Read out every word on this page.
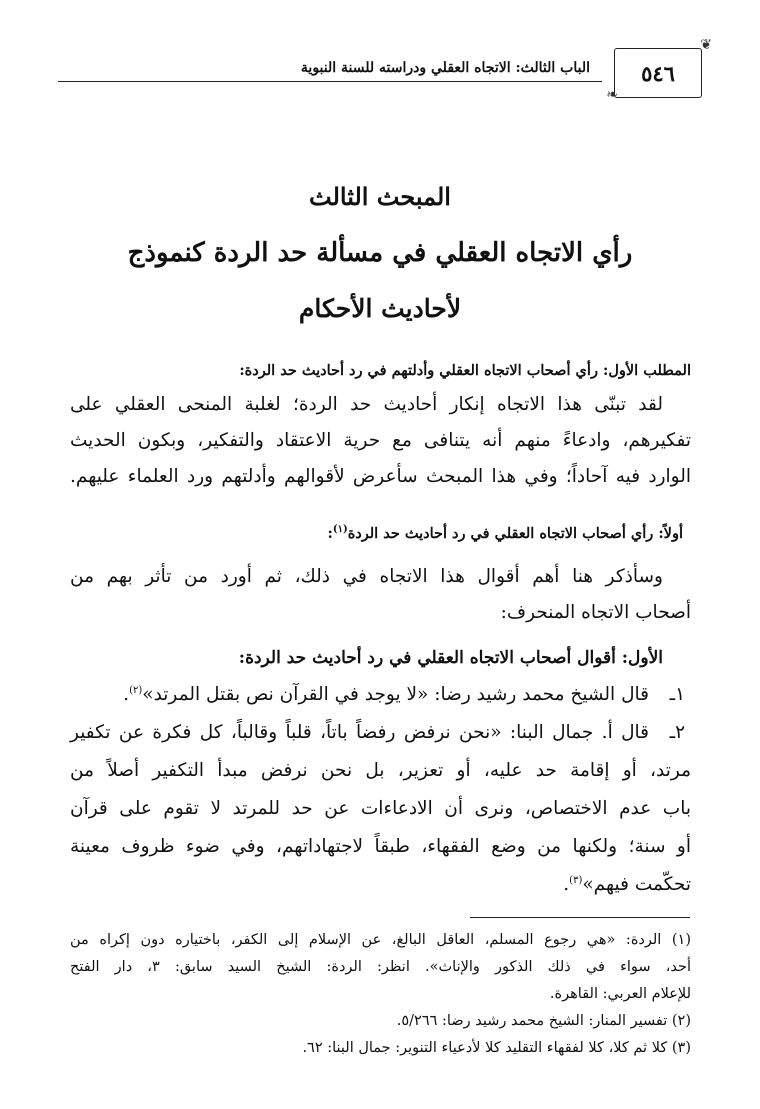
٥٤٦
❦
❧
الباب الثالث: الاتجاه العقلي ودراسته للسنة النبوية
المبحث الثالث
رأي الاتجاه العقلي في مسألة حد الردة كنموذج
لأحاديث الأحكام
المطلب الأول: رأي أصحاب الاتجاه العقلي وأدلتهم في رد أحاديث حد الردة:
لقد تبنّى هذا الاتجاه إنكار أحاديث حد الردة؛ لغلبة المنحى العقلي على
تفكيرهم، وادعاءً منهم أنه يتنافى مع حرية الاعتقاد والتفكير، وبكون الحديث
الوارد فيه آحاداً؛ وفي هذا المبحث سأعرض لأقوالهم وأدلتهم ورد العلماء عليهم.
أولاً: رأي أصحاب الاتجاه العقلي في رد أحاديث حد الردة$^{(١)}$:
وسأذكر هنا أهم أقوال هذا الاتجاه في ذلك، ثم أورد من تأثر بهم من
أصحاب الاتجاه المنحرف:
الأول: أقوال أصحاب الاتجاه العقلي في رد أحاديث حد الردة:
١ـقال الشيخ محمد رشيد رضا: «لا يوجد في القرآن نص بقتل المرتد»$^{(٢)}$.
٢ـقال أ. جمال البنا: «نحن نرفض رفضاً باتاً، قلباً وقالباً، كل فكرة عن تكفير
مرتد، أو إقامة حد عليه، أو تعزير، بل نحن نرفض مبدأ التكفير أصلاً من
باب عدم الاختصاص، ونرى أن الادعاءات عن حد للمرتد لا تقوم على قرآن
أو سنة؛ ولكنها من وضع الفقهاء، طبقاً لاجتهاداتهم، وفي ضوء ظروف معينة
تحكّمت فيهم»$^{(٣)}$.
(١) الردة: «هي رجوع المسلم، العاقل البالغ، عن الإسلام إلى الكفر، باختياره دون إكراه من
أحد، سواء في ذلك الذكور والإناث». انظر: الردة: الشيخ السيد سابق: ٣، دار الفتح
للإعلام العربي: القاهرة.
(٢) تفسير المنار: الشيخ محمد رشيد رضا: ٥/٢٦٦.
(٣) كلا ثم كلا، كلا لفقهاء التقليد كلا لأدعياء التنوير: جمال البنا: ٦٢.
